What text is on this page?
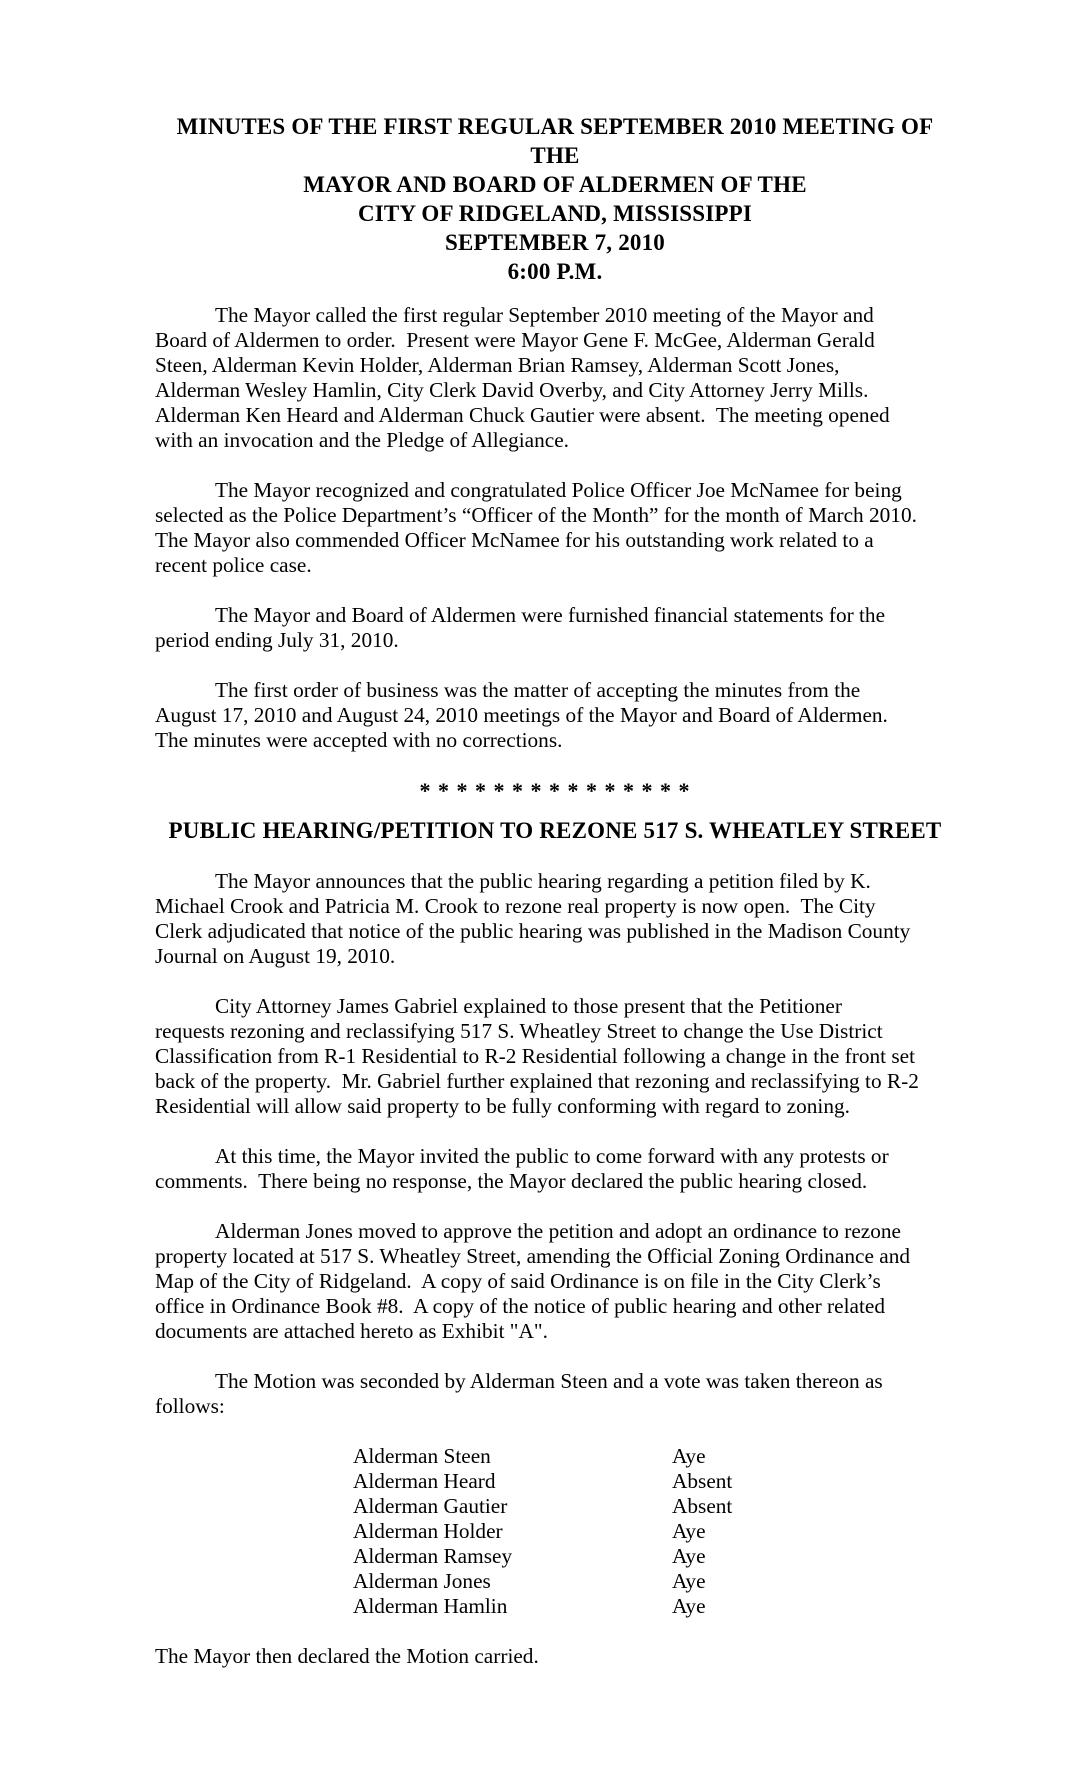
MINUTES OF THE FIRST REGULAR SEPTEMBER 2010 MEETING OF THE
MAYOR AND BOARD OF ALDERMEN OF THE
CITY OF RIDGELAND, MISSISSIPPI
SEPTEMBER 7, 2010
6:00 P.M.
The Mayor called the first regular September 2010 meeting of the Mayor and
Board of Aldermen to order.  Present were Mayor Gene F. McGee, Alderman Gerald
Steen, Alderman Kevin Holder, Alderman Brian Ramsey, Alderman Scott Jones,
Alderman Wesley Hamlin, City Clerk David Overby, and City Attorney Jerry Mills.
Alderman Ken Heard and Alderman Chuck Gautier were absent.  The meeting opened
with an invocation and the Pledge of Allegiance.
The Mayor recognized and congratulated Police Officer Joe McNamee for being
selected as the Police Department’s “Officer of the Month” for the month of March 2010.
The Mayor also commended Officer McNamee for his outstanding work related to a
recent police case.
The Mayor and Board of Aldermen were furnished financial statements for the
period ending July 31, 2010.
The first order of business was the matter of accepting the minutes from the
August 17, 2010 and August 24, 2010 meetings of the Mayor and Board of Aldermen.
The minutes were accepted with no corrections.
* * * * * * * * * * * * * * *
PUBLIC HEARING/PETITION TO REZONE 517 S. WHEATLEY STREET
The Mayor announces that the public hearing regarding a petition filed by K.
Michael Crook and Patricia M. Crook to rezone real property is now open.  The City
Clerk adjudicated that notice of the public hearing was published in the Madison County
Journal on August 19, 2010.
City Attorney James Gabriel explained to those present that the Petitioner
requests rezoning and reclassifying 517 S. Wheatley Street to change the Use District
Classification from R-1 Residential to R-2 Residential following a change in the front set
back of the property.  Mr. Gabriel further explained that rezoning and reclassifying to R-2
Residential will allow said property to be fully conforming with regard to zoning.
At this time, the Mayor invited the public to come forward with any protests or
comments.  There being no response, the Mayor declared the public hearing closed.
Alderman Jones moved to approve the petition and adopt an ordinance to rezone
property located at 517 S. Wheatley Street, amending the Official Zoning Ordinance and
Map of the City of Ridgeland.  A copy of said Ordinance is on file in the City Clerk’s
office in Ordinance Book #8.  A copy of the notice of public hearing and other related
documents are attached hereto as Exhibit "A".
The Motion was seconded by Alderman Steen and a vote was taken thereon as
follows:
Alderman Steen	Aye
Alderman Heard	Absent
Alderman Gautier	Absent
Alderman Holder	Aye
Alderman Ramsey	Aye
Alderman Jones	Aye
Alderman Hamlin	Aye

The Mayor then declared the Motion carried.
